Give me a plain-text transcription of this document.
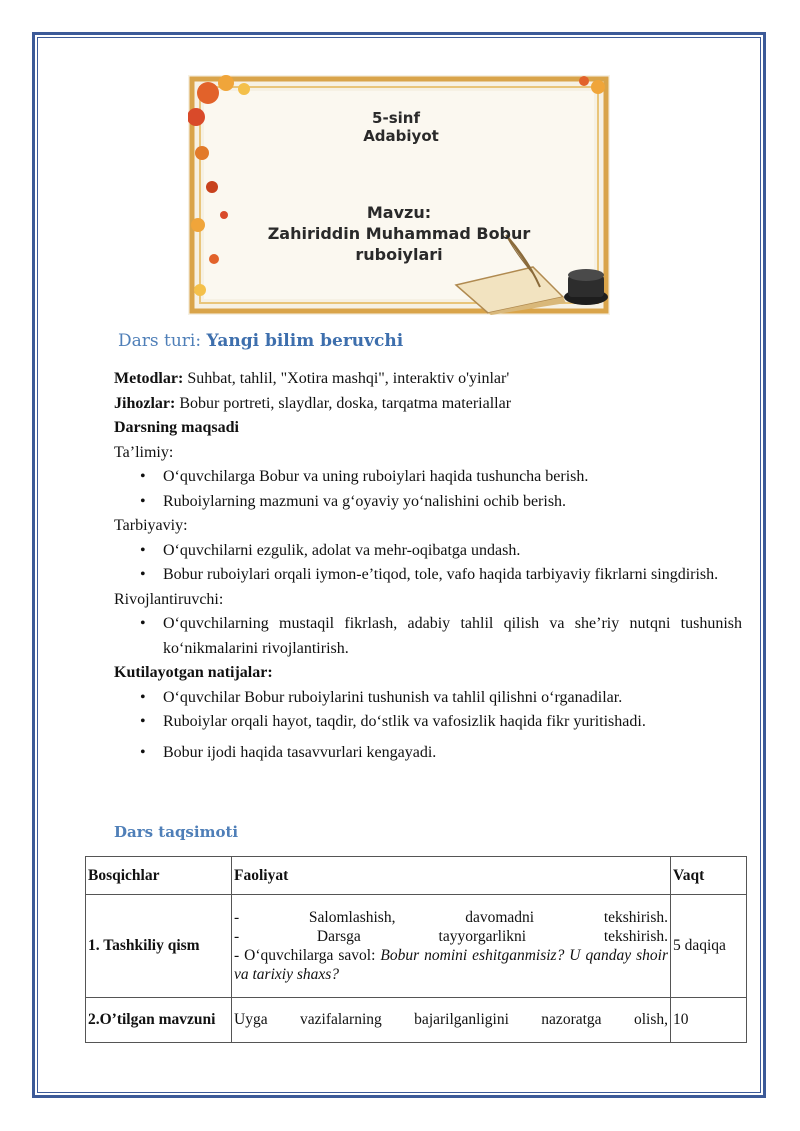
5-sinf
Adabiyot
Mavzu:
Zahiriddin Muhammad Bobur
ruboiylari
Dars turi: Yangi bilim beruvchi

Metodlar: Suhbat, tahlil, "Xotira mashqi", interaktiv o'yinlar'

Jihozlar: Bobur portreti, slaydlar, doska, tarqatma materiallar

Darsning maqsadi

Ta’limiy:

• O‘quvchilarga Bobur va uning ruboiylari haqida tushuncha berish.
• Ruboiylarning mazmuni va g‘oyaviy yo‘nalishini ochib berish.

Tarbiyaviy:

• O‘quvchilarni ezgulik, adolat va mehr-oqibatga undash.
• Bobur ruboiylari orqali iymon-e’tiqod, tole, vafo haqida tarbiyaviy fikrlarni singdirish.

Rivojlantiruvchi:

• O‘quvchilarning mustaqil fikrlash, adabiy tahlil qilish va she’riy nutqni tushunish ko‘nikmalarini rivojlantirish.

Kutilayotgan natijalar:

• O‘quvchilar Bobur ruboiylarini tushunish va tahlil qilishni o‘rganadilar.
• Ruboiylar orqali hayot, taqdir, do‘stlik va vafosizlik haqida fikr yuritishadi.
• Bobur ijodi haqida tasavvurlari kengayadi.
Dars taqsimoti
Bosqichlar	Faoliyat	Vaqt
1. Tashkiliy qism	- Salomlashish, davomadni tekshirish.
- Darsga tayyorgarlikni tekshirish.
- O‘quvchilarga savol: Bobur nomini eshitganmisiz? U qanday shoir va tarixiy shaxs?	5 daqiqa
2.O’tilgan mavzuni	Uyga vazifalarning bajarilganligini nazoratga olish,	10
